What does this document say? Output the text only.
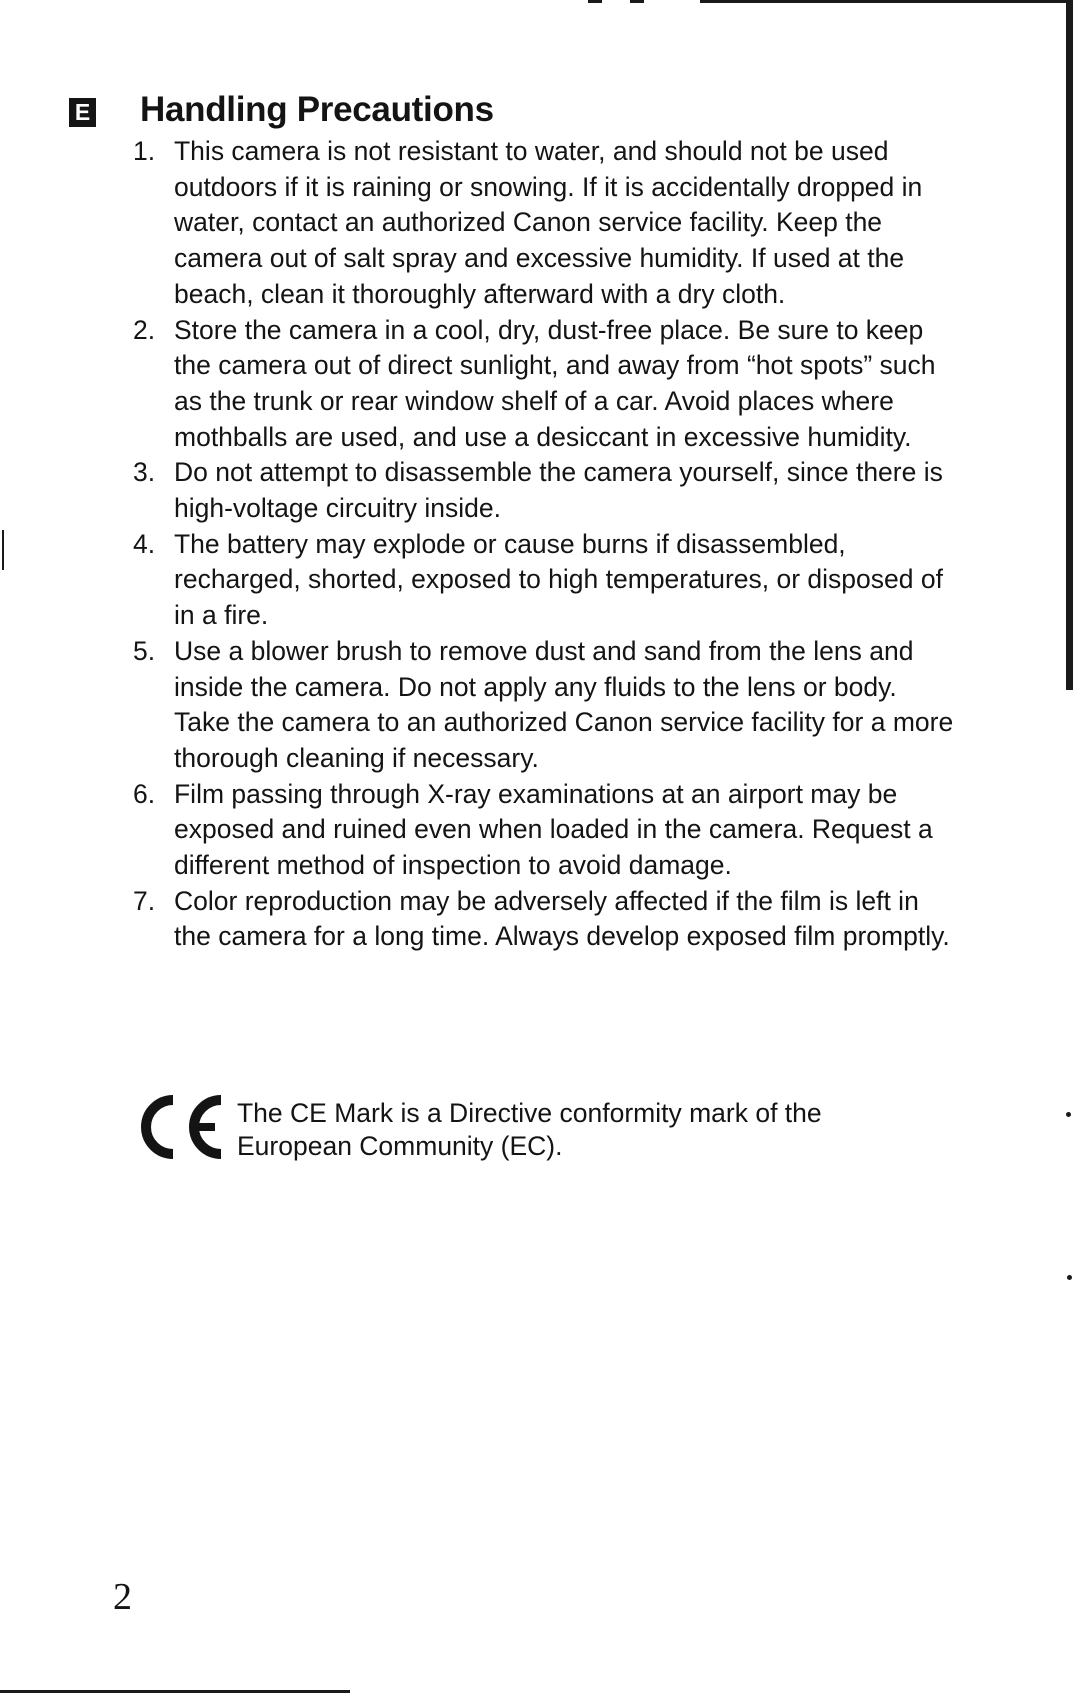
E Handling Precautions
1. This camera is not resistant to water, and should not be used outdoors if it is raining or snowing. If it is accidentally dropped in water, contact an authorized Canon service facility. Keep the camera out of salt spray and excessive humidity. If used at the beach, clean it thoroughly afterward with a dry cloth.
2. Store the camera in a cool, dry, dust-free place. Be sure to keep the camera out of direct sunlight, and away from “hot spots” such as the trunk or rear window shelf of a car. Avoid places where mothballs are used, and use a desiccant in excessive humidity.
3. Do not attempt to disassemble the camera yourself, since there is high-voltage circuitry inside.
4. The battery may explode or cause burns if disassembled, recharged, shorted, exposed to high temperatures, or disposed of in a fire.
5. Use a blower brush to remove dust and sand from the lens and inside the camera. Do not apply any fluids to the lens or body. Take the camera to an authorized Canon service facility for a more thorough cleaning if necessary.
6. Film passing through X-ray examinations at an airport may be exposed and ruined even when loaded in the camera. Request a different method of inspection to avoid damage.
7. Color reproduction may be adversely affected if the film is left in the camera for a long time. Always develop exposed film promptly.
The CE Mark is a Directive conformity mark of the
European Community (EC).
2
